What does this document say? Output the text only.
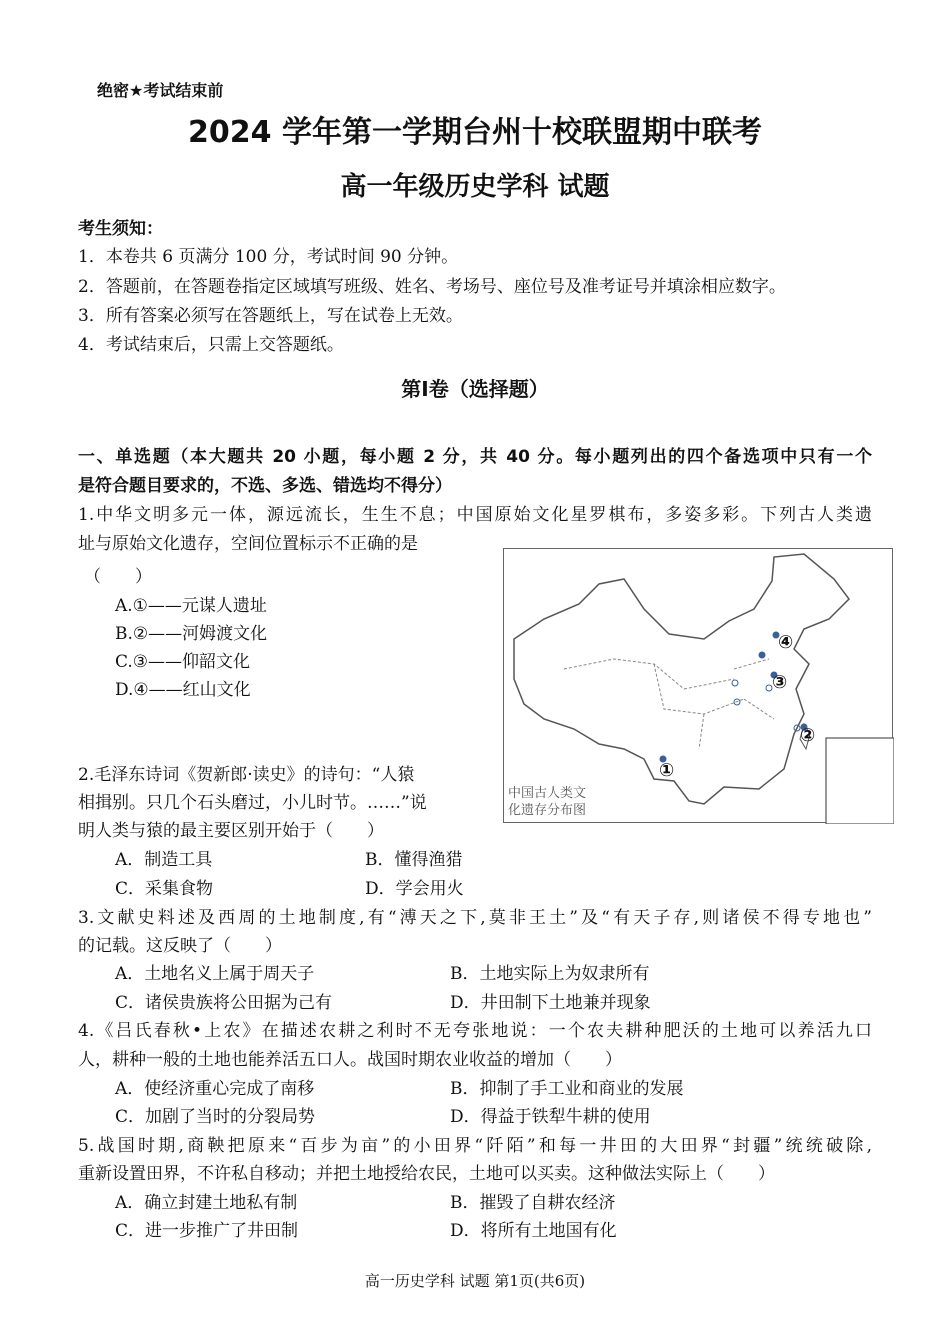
绝密★考试结束前
2024 学年第一学期台州十校联盟期中联考
高一年级历史学科 试题
考生须知：
1．本卷共 6 页满分 100 分，考试时间 90 分钟。
2．答题前，在答题卷指定区域填写班级、姓名、考场号、座位号及准考证号并填涂相应数字。
3．所有答案必须写在答题纸上，写在试卷上无效。
4．考试结束后，只需上交答题纸。
第Ⅰ卷（选择题）
一、单选题（本大题共 20 小题，每小题 2 分，共 40 分。每小题列出的四个备选项中只有一个
是符合题目要求的，不选、多选、错选均不得分）
1.中华文明多元一体，源远流长，生生不息；中国原始文化星罗棋布，多姿多彩。下列古人类遗
址与原始文化遗存，空间位置标示不正确的是
（　　）
A.①——元谋人遗址
B.②——河姆渡文化
C.③——仰韶文化
D.④——红山文化
①
②
③
④
中国古人类文
化遗存分布图
2.毛泽东诗词《贺新郎·读史》的诗句：“人猿
相揖别。只几个石头磨过，小儿时节。……”说
明人类与猿的最主要区别开始于（　　）
A．制造工具	B．懂得渔猎
C．采集食物	D．学会用火
3.文献史料述及西周的土地制度,有“溥天之下,莫非王土”及“有天子存,则诸侯不得专地也”
的记载。这反映了（　　）
A．土地名义上属于周天子	B．土地实际上为奴隶所有
C．诸侯贵族将公田据为己有	D．井田制下土地兼并现象
4.《吕氏春秋•上农》在描述农耕之利时不无夸张地说：一个农夫耕种肥沃的土地可以养活九口
人，耕种一般的土地也能养活五口人。战国时期农业收益的增加（　　）
A．使经济重心完成了南移	B．抑制了手工业和商业的发展
C．加剧了当时的分裂局势	D．得益于铁犁牛耕的使用
5.战国时期,商鞅把原来“百步为亩”的小田界“阡陌”和每一井田的大田界“封疆”统统破除,
重新设置田界，不许私自移动；并把土地授给农民，土地可以买卖。这种做法实际上（　　）
A．确立封建土地私有制	B．摧毁了自耕农经济
C．进一步推广了井田制	D．将所有土地国有化
高一历史学科 试题 第1页(共6页)
